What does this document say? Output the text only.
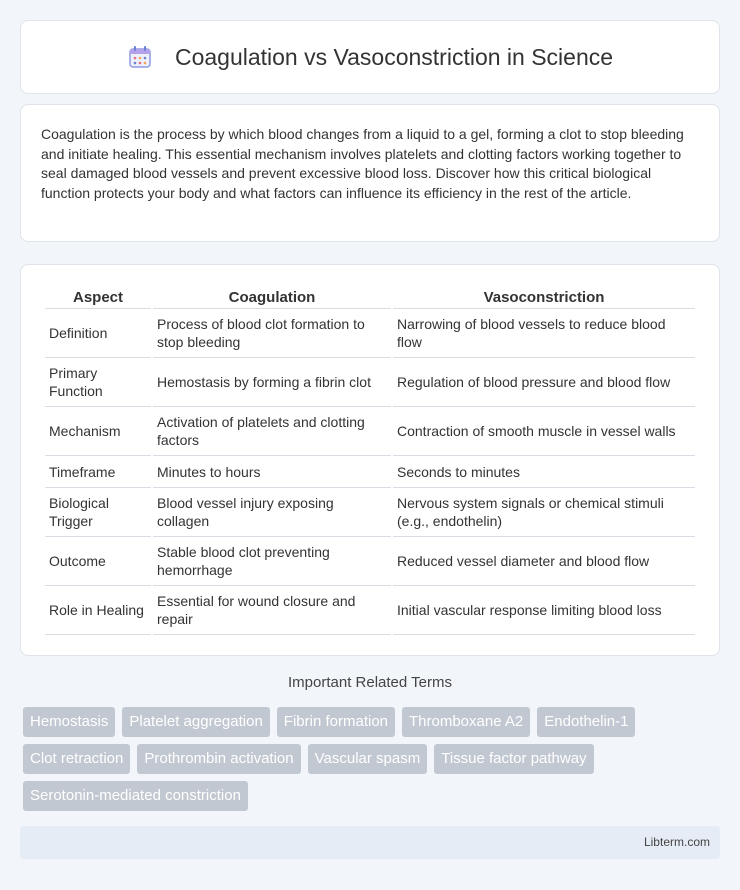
Coagulation vs Vasoconstriction in Science

Coagulation is the process by which blood changes from a liquid to a gel, forming a clot to stop bleeding and initiate healing. This essential mechanism involves platelets and clotting factors working together to seal damaged blood vessels and prevent excessive blood loss. Discover how this critical biological function protects your body and what factors can influence its efficiency in the rest of the article.

Aspect	Coagulation	Vasoconstriction
Definition	Process of blood clot formation to stop bleeding	Narrowing of blood vessels to reduce blood flow
Primary Function	Hemostasis by forming a fibrin clot	Regulation of blood pressure and blood flow
Mechanism	Activation of platelets and clotting factors	Contraction of smooth muscle in vessel walls
Timeframe	Minutes to hours	Seconds to minutes
Biological Trigger	Blood vessel injury exposing collagen	Nervous system signals or chemical stimuli (e.g., endothelin)
Outcome	Stable blood clot preventing hemorrhage	Reduced vessel diameter and blood flow
Role in Healing	Essential for wound closure and repair	Initial vascular response limiting blood loss
Important Related Terms
Hemostasis	Platelet aggregation	Fibrin formation	Thromboxane A2	Endothelin-1
Clot retraction	Prothrombin activation	Vascular spasm	Tissue factor pathway
Serotonin-mediated constriction
Libterm.com
